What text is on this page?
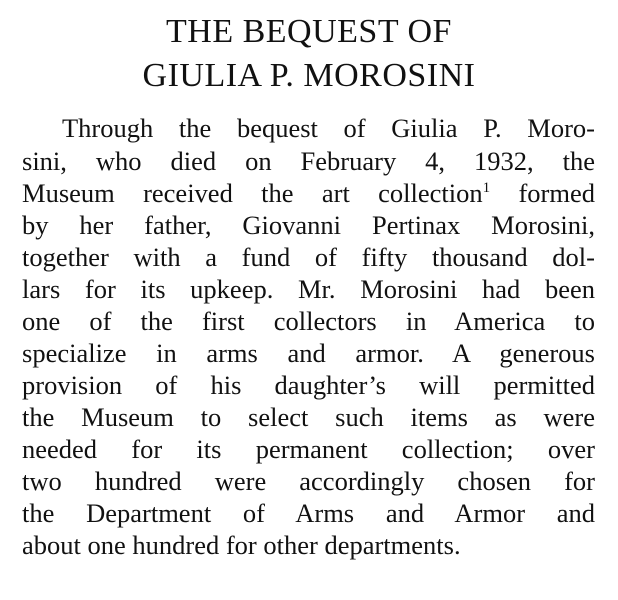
THE BEQUEST OF
GIULIA P. MOROSINI
Through the bequest of Giulia P. Moro-
sini, who died on February 4, 1932, the
Museum received the art collection$^1$ formed
by her father, Giovanni Pertinax Morosini,
together with a fund of fifty thousand dol-
lars for its upkeep. Mr. Morosini had been
one of the first collectors in America to
specialize in arms and armor. A generous
provision of his daughter’s will permitted
the Museum to select such items as were
needed for its permanent collection; over
two hundred were accordingly chosen for
the Department of Arms and Armor and
about one hundred for other departments.
